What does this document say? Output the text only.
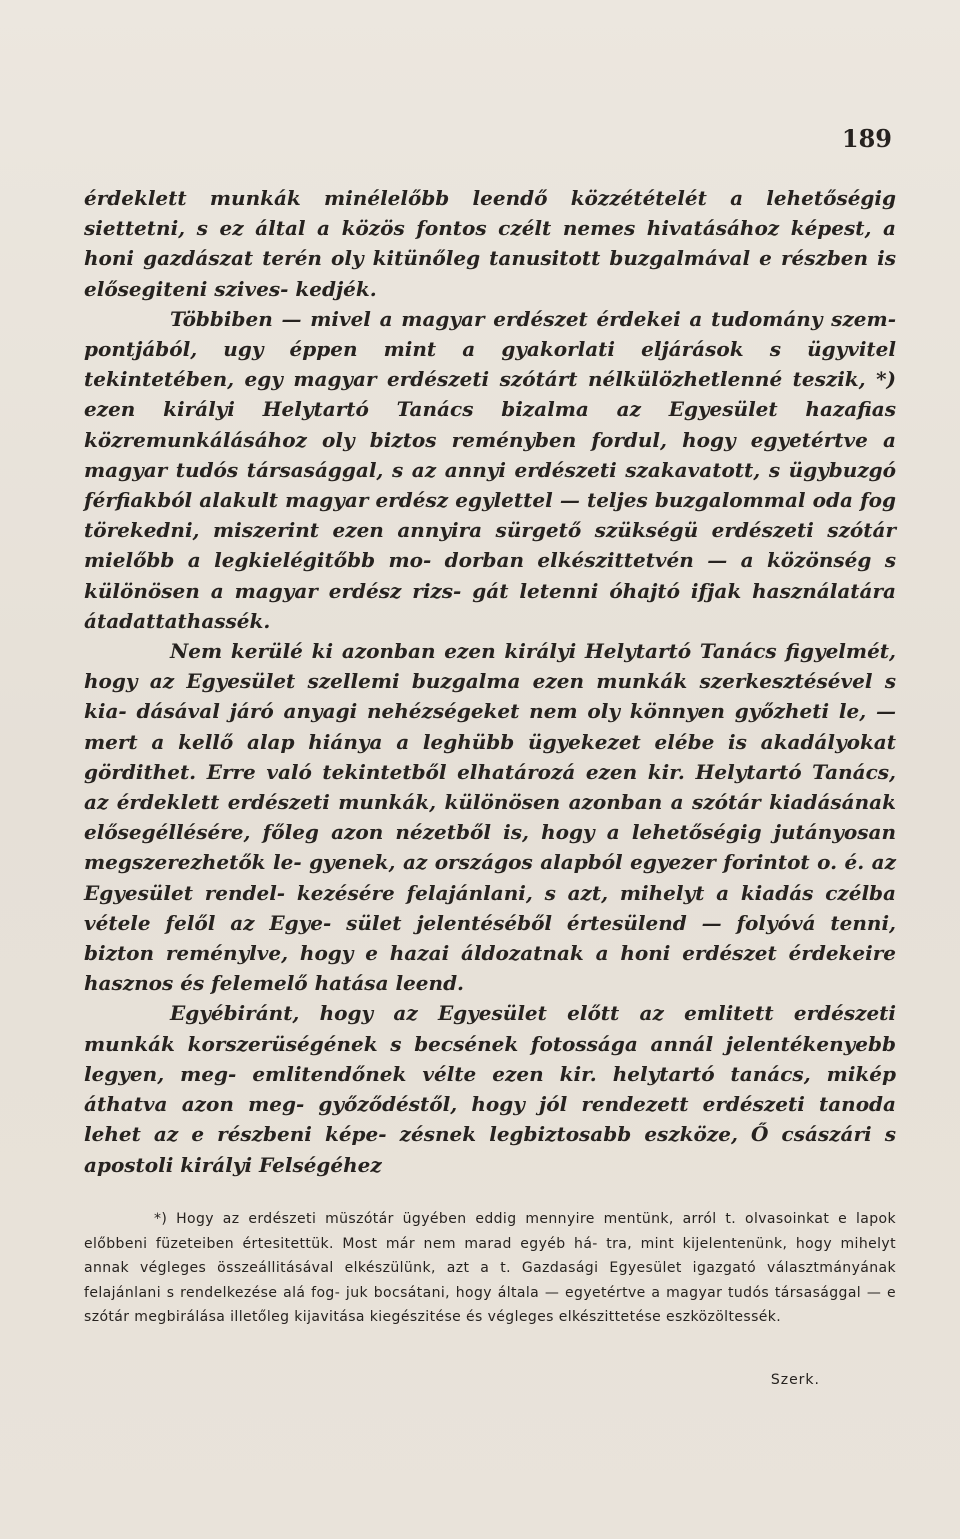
189

érdeklett munkák minélelőbb leendő közzétételét a lehetőségig siettetni, s ez által a közös fontos czélt nemes hivatásához képest, a honi gazdászat terén oly kitünőleg tanusitott buzgalmával e részben is elősegiteni szives- kedjék.

Többiben — mivel a magyar erdészet érdekei a tudomány szem- pontjából, ugy éppen mint a gyakorlati eljárások s ügyvitel tekintetében, egy magyar erdészeti szótárt nélkülözhetlenné teszik, *) ezen királyi Helytartó Tanács bizalma az Egyesület hazafias közremunkálásához oly biztos reményben fordul, hogy egyetértve a magyar tudós társasággal, s az annyi erdészeti szakavatott, s ügybuzgó férfiakból alakult magyar erdész egylettel — teljes buzgalommal oda fog törekedni, miszerint ezen annyira sürgető szükségü erdészeti szótár mielőbb a legkielégitőbb mo- dorban elkészittetvén — a közönség s különösen a magyar erdész rizs- gát letenni óhajtó ifjak használatára átadattathassék.

Nem kerülé ki azonban ezen királyi Helytartó Tanács figyelmét, hogy az Egyesület szellemi buzgalma ezen munkák szerkesztésével s kia- dásával járó anyagi nehézségeket nem oly könnyen győzheti le, — mert a kellő alap hiánya a leghübb ügyekezet elébe is akadályokat gördithet. Erre való tekintetből elhatározá ezen kir. Helytartó Tanács, az érdeklett erdészeti munkák, különösen azonban a szótár kiadásának elősegéllésére, főleg azon nézetből is, hogy a lehetőségig jutányosan megszerezhetők le- gyenek, az országos alapból egyezer forintot o. é. az Egyesület rendel- kezésére felajánlani, s azt, mihelyt a kiadás czélba vétele felől az Egye- sület jelentéséből értesülend — folyóvá tenni, bizton reménylve, hogy e hazai áldozatnak a honi erdészet érdekeire hasznos és felemelő hatása leend.

Egyébiránt, hogy az Egyesület előtt az emlitett erdészeti munkák korszerüségének s becsének fotossága annál jelentékenyebb legyen, meg- emlitendőnek vélte ezen kir. helytartó tanács, mikép áthatva azon meg- győződéstől, hogy jól rendezett erdészeti tanoda lehet az e részbeni képe- zésnek legbiztosabb eszköze, Ő császári s apostoli királyi Felségéhez

*) Hogy az erdészeti müszótár ügyében eddig mennyire mentünk, arról t. olvasoinkat e lapok előbbeni füzeteiben értesitettük. Most már nem marad egyéb há- tra, mint kijelentenünk, hogy mihelyt annak végleges összeállitásával elkészülünk, azt a t. Gazdasági Egyesület igazgató választmányának felajánlani s rendelkezése alá fog- juk bocsátani, hogy általa — egyetértve a magyar tudós társasággal — e szótár megbirálása illetőleg kijavitása kiegészitése és végleges elkészittetése eszközöltessék.

Szerk.
